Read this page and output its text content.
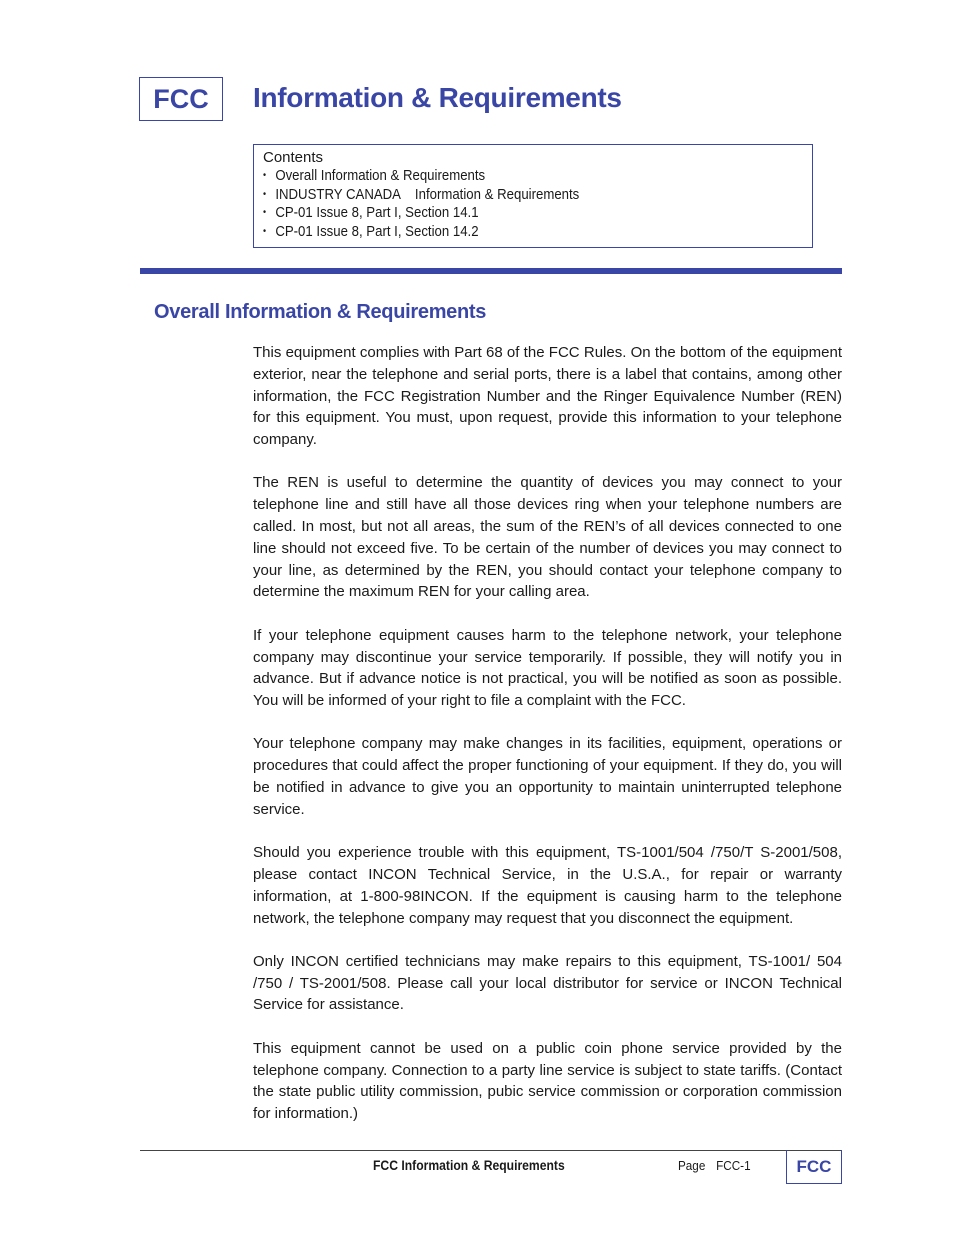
FCC	Information & Requirements
Contents
• Overall Information & Requirements
• INDUSTRY CANADA    Information & Requirements
• CP-01 Issue 8, Part I, Section 14.1
• CP-01 Issue 8, Part I, Section 14.2
Overall Information & Requirements

This equipment complies with Part 68 of the FCC Rules. On the bottom of the equipment exterior, near the telephone and serial ports, there is a label that contains, among other information, the FCC Registration Number and the Ringer Equivalence Number (REN) for this equipment. You must, upon request, provide this information to your telephone company.

The REN is useful to determine the quantity of devices you may connect to your telephone line and still have all those devices ring when your telephone numbers are called. In most, but not all areas, the sum of the REN’s of all devices connected to one line should not exceed five. To be certain of the number of devices you may connect to your line, as determined by the REN, you should contact your telephone company to determine the maximum REN for your calling area.

If your telephone equipment causes harm to the telephone network, your telephone company may discontinue your service temporarily. If possible, they will notify you in advance. But if advance notice is not practical, you will be notified as soon as possible. You will be informed of your right to file a complaint with the FCC.

Your telephone company may make changes in its facilities, equipment, operations or procedures that could affect the proper functioning of your equipment. If they do, you will be notified in advance to give you an opportunity to maintain uninterrupted telephone service.

Should you experience trouble with this equipment, TS-1001/504 /750/T S-2001/508, please contact INCON Technical Service, in the U.S.A., for repair or warranty information, at 1-800-98INCON. If the equipment is causing harm to the telephone network, the telephone company may request that you disconnect the equipment.

Only INCON certified technicians may make repairs to this equipment, TS-1001/ 504 /750 / TS-2001/508. Please call your local distributor for service or INCON Technical Service for assistance.

This equipment cannot be used on a public coin phone service provided by the telephone company. Connection to a party line service is subject to state tariffs. (Contact the state public utility commission, pubic service commission or corporation commission for information.)

FCC Information & Requirements	Page FCC-1	FCC
